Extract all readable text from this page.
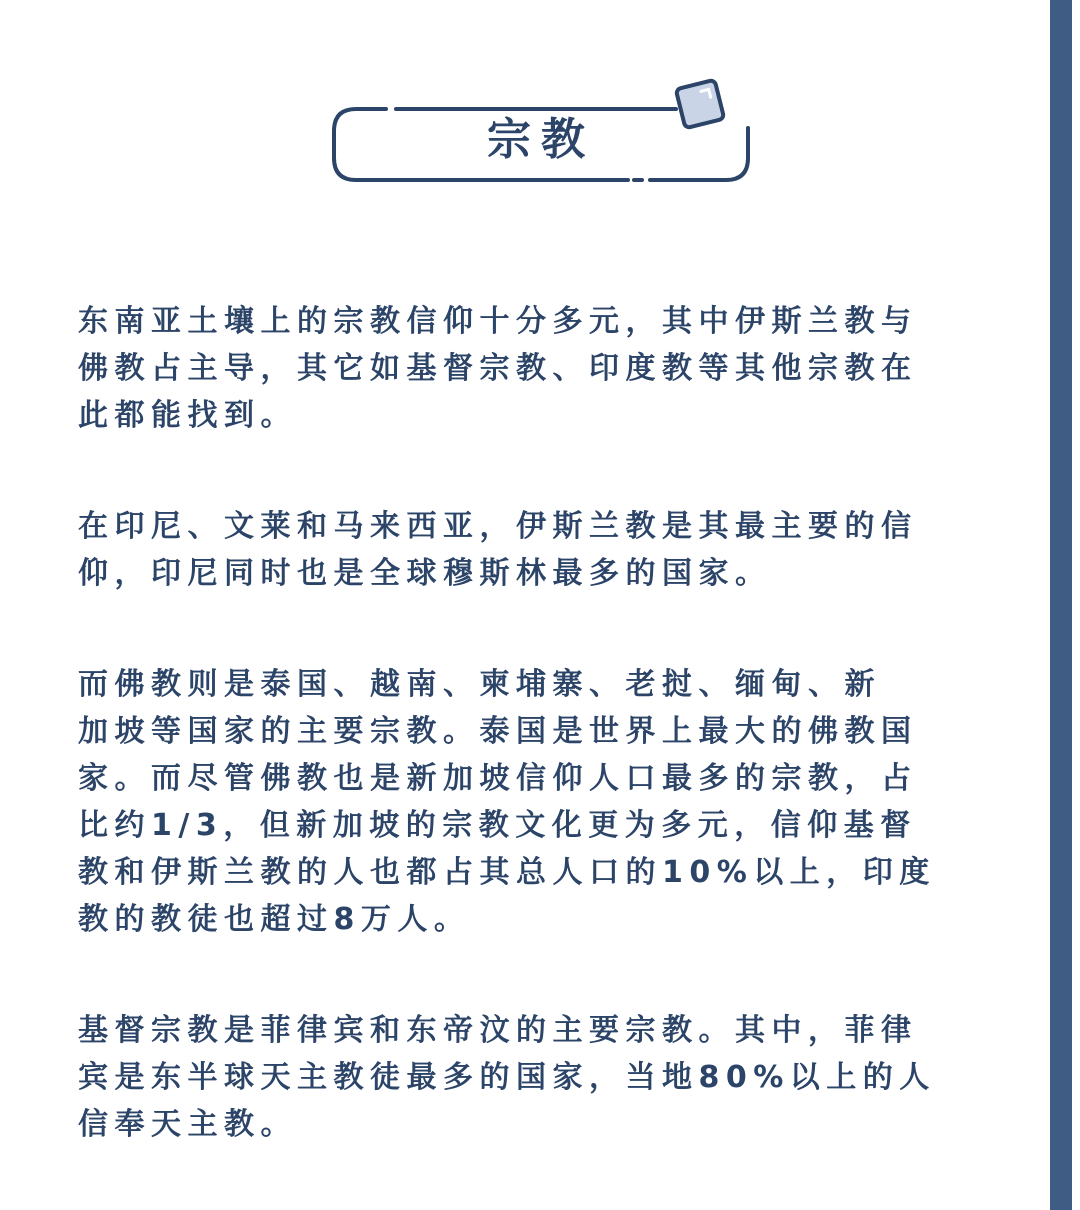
宗教

东南亚土壤上的宗教信仰十分多元，其中伊斯兰教与
佛教占主导，其它如基督宗教、印度教等其他宗教在
此都能找到。

在印尼、文莱和马来西亚，伊斯兰教是其最主要的信
仰，印尼同时也是全球穆斯林最多的国家。

而佛教则是泰国、越南、柬埔寨、老挝、缅甸、新
加坡等国家的主要宗教。泰国是世界上最大的佛教国
家。而尽管佛教也是新加坡信仰人口最多的宗教，占
比约1/3，但新加坡的宗教文化更为多元，信仰基督
教和伊斯兰教的人也都占其总人口的10%以上，印度
教的教徒也超过8万人。

基督宗教是菲律宾和东帝汶的主要宗教。其中，菲律
宾是东半球天主教徒最多的国家，当地80%以上的人
信奉天主教。
